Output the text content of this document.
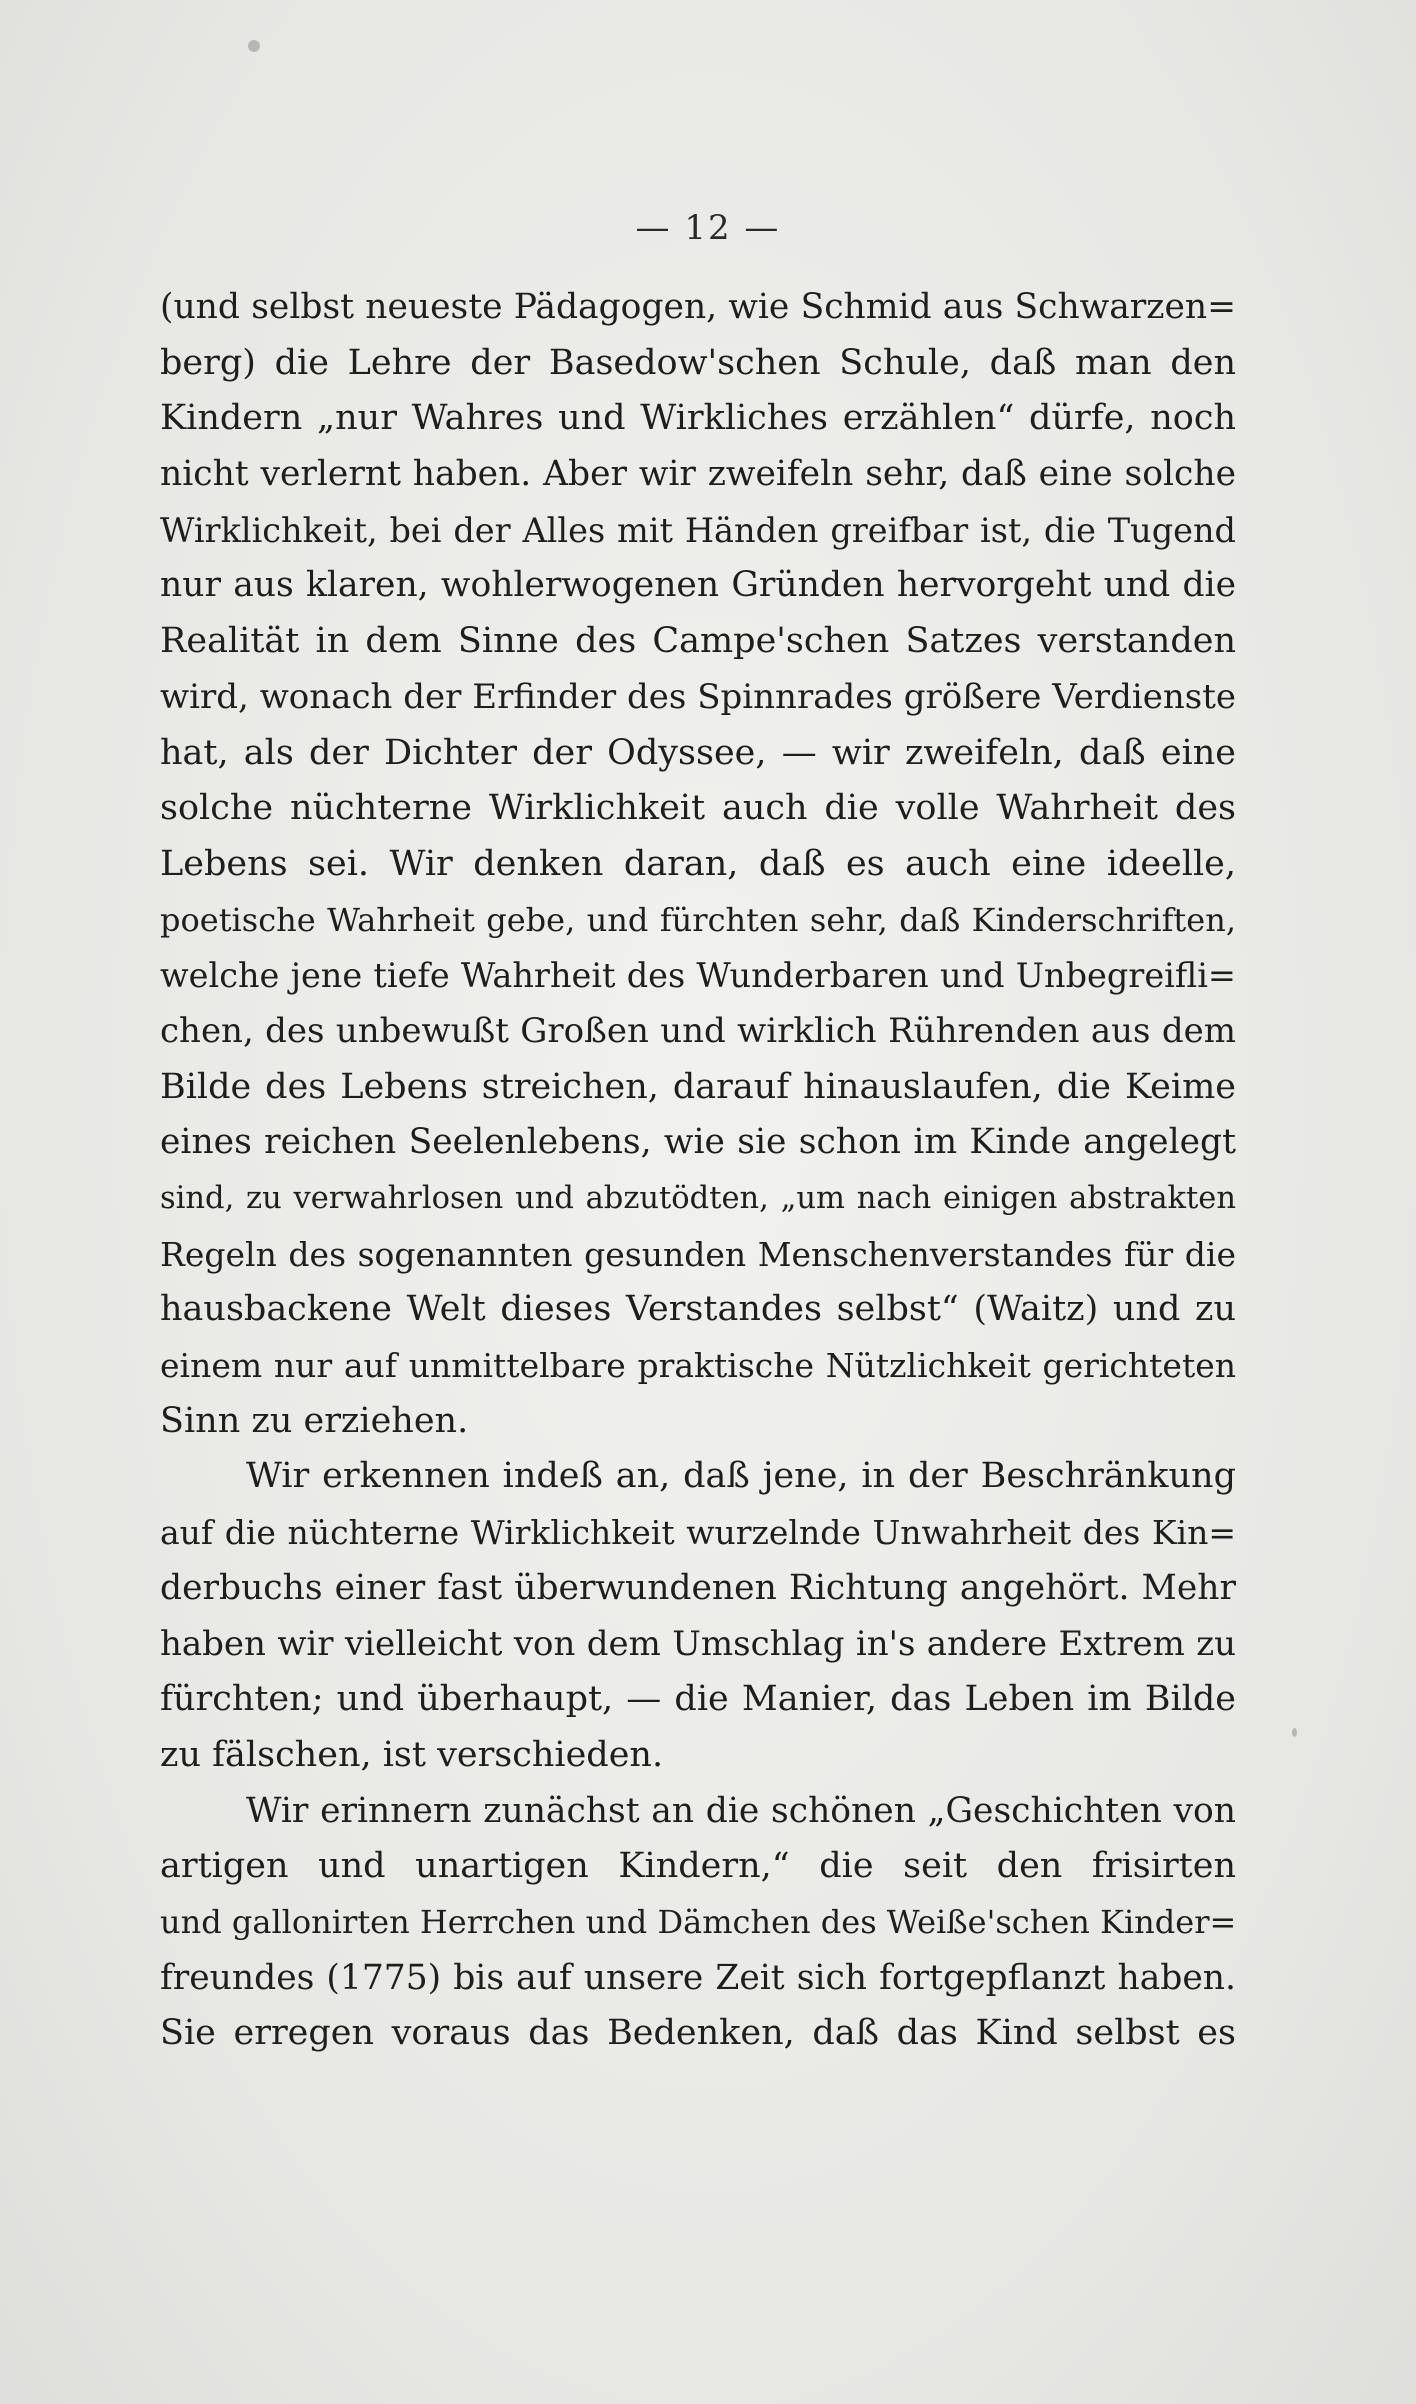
— 12 —
(und selbst neueste Pädagogen, wie Schmid aus Schwarzen=
berg) die Lehre der Basedow'schen Schule, daß man den
Kindern „nur Wahres und Wirkliches erzählen“ dürfe, noch
nicht verlernt haben. Aber wir zweifeln sehr, daß eine solche
Wirklichkeit, bei der Alles mit Händen greifbar ist, die Tugend
nur aus klaren, wohlerwogenen Gründen hervorgeht und die
Realität in dem Sinne des Campe'schen Satzes verstanden
wird, wonach der Erfinder des Spinnrades größere Verdienste
hat, als der Dichter der Odyssee, — wir zweifeln, daß eine
solche nüchterne Wirklichkeit auch die volle Wahrheit des
Lebens sei. Wir denken daran, daß es auch eine ideelle,
poetische Wahrheit gebe, und fürchten sehr, daß Kinderschriften,
welche jene tiefe Wahrheit des Wunderbaren und Unbegreifli=
chen, des unbewußt Großen und wirklich Rührenden aus dem
Bilde des Lebens streichen, darauf hinauslaufen, die Keime
eines reichen Seelenlebens, wie sie schon im Kinde angelegt
sind, zu verwahrlosen und abzutödten, „um nach einigen abstrakten
Regeln des sogenannten gesunden Menschenverstandes für die
hausbackene Welt dieses Verstandes selbst“ (Waitz) und zu
einem nur auf unmittelbare praktische Nützlichkeit gerichteten
Sinn zu erziehen.
Wir erkennen indeß an, daß jene, in der Beschränkung
auf die nüchterne Wirklichkeit wurzelnde Unwahrheit des Kin=
derbuchs einer fast überwundenen Richtung angehört. Mehr
haben wir vielleicht von dem Umschlag in's andere Extrem zu
fürchten; und überhaupt, — die Manier, das Leben im Bilde
zu fälschen, ist verschieden.
Wir erinnern zunächst an die schönen „Geschichten von
artigen und unartigen Kindern,“ die seit den frisirten
und gallonirten Herrchen und Dämchen des Weiße'schen Kinder=
freundes (1775) bis auf unsere Zeit sich fortgepflanzt haben.
Sie erregen voraus das Bedenken, daß das Kind selbst es
